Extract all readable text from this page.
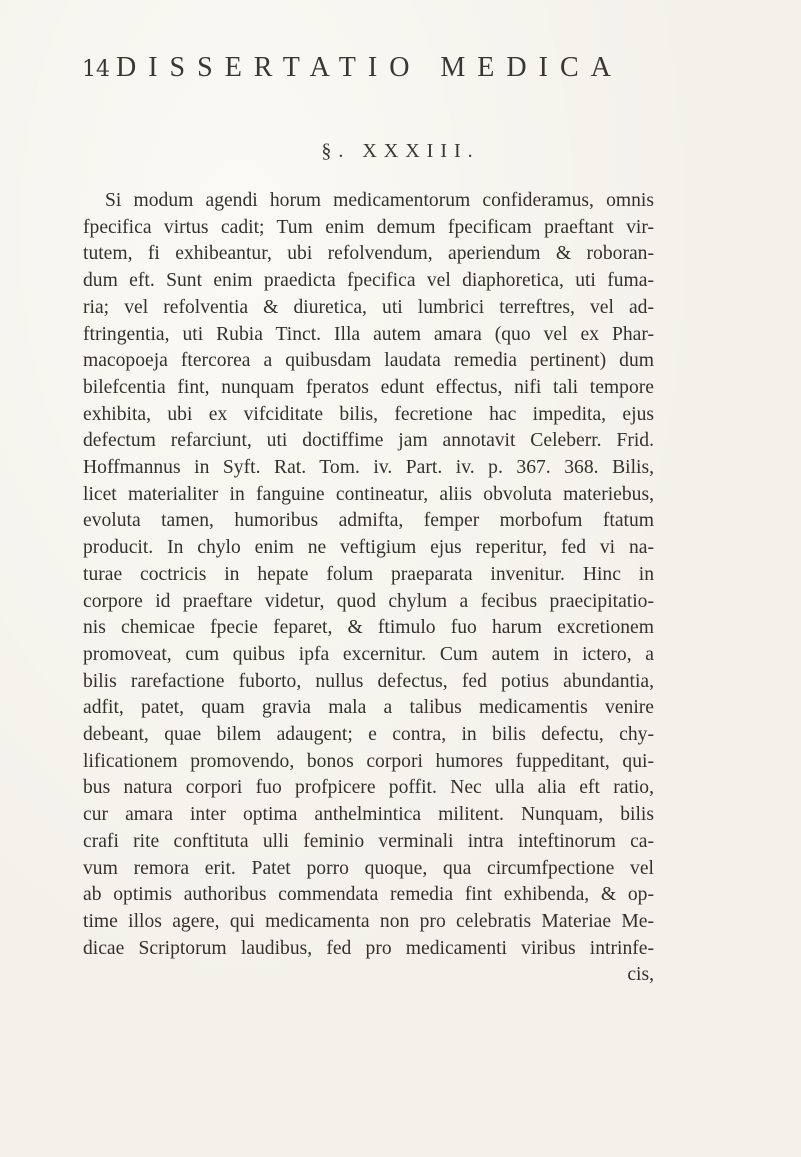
14 DISSERTATIO MEDICA
§. XXXIII.
Si modum agendi horum medicamentorum confideramus, omnis
fpecifica virtus cadit; Tum enim demum fpecificam praeftant vir-
tutem, fi exhibeantur, ubi refolvendum, aperiendum & roboran-
dum eft. Sunt enim praedicta fpecifica vel diaphoretica, uti fuma-
ria; vel refolventia & diuretica, uti lumbrici terreftres, vel ad-
ftringentia, uti Rubia Tinct. Illa autem amara (quo vel ex Phar-
macopoeja ftercorea a quibusdam laudata remedia pertinent) dum
bilefcentia fint, nunquam fperatos edunt effectus, nifi tali tempore
exhibita, ubi ex vifciditate bilis, fecretione hac impedita, ejus
defectum refarciunt, uti doctiffime jam annotavit Celeberr. Frid.
Hoffmannus in Syft. Rat. Tom. iv. Part. iv. p. 367. 368. Bilis,
licet materialiter in fanguine contineatur, aliis obvoluta materiebus,
evoluta tamen, humoribus admifta, femper morbofum ftatum
producit. In chylo enim ne veftigium ejus reperitur, fed vi na-
turae coctricis in hepate folum praeparata invenitur. Hinc in
corpore id praeftare videtur, quod chylum a fecibus praecipitatio-
nis chemicae fpecie feparet, & ftimulo fuo harum excretionem
promoveat, cum quibus ipfa excernitur. Cum autem in ictero, a
bilis rarefactione fuborto, nullus defectus, fed potius abundantia,
adfit, patet, quam gravia mala a talibus medicamentis venire
debeant, quae bilem adaugent; e contra, in bilis defectu, chy-
lificationem promovendo, bonos corpori humores fuppeditant, qui-
bus natura corpori fuo profpicere poffit. Nec ulla alia eft ratio,
cur amara inter optima anthelmintica militent. Nunquam, bilis
crafi rite conftituta ulli feminio verminali intra inteftinorum ca-
vum remora erit. Patet porro quoque, qua circumfpectione vel
ab optimis authoribus commendata remedia fint exhibenda, & op-
time illos agere, qui medicamenta non pro celebratis Materiae Me-
dicae Scriptorum laudibus, fed pro medicamenti viribus intrinfe-
cis,
